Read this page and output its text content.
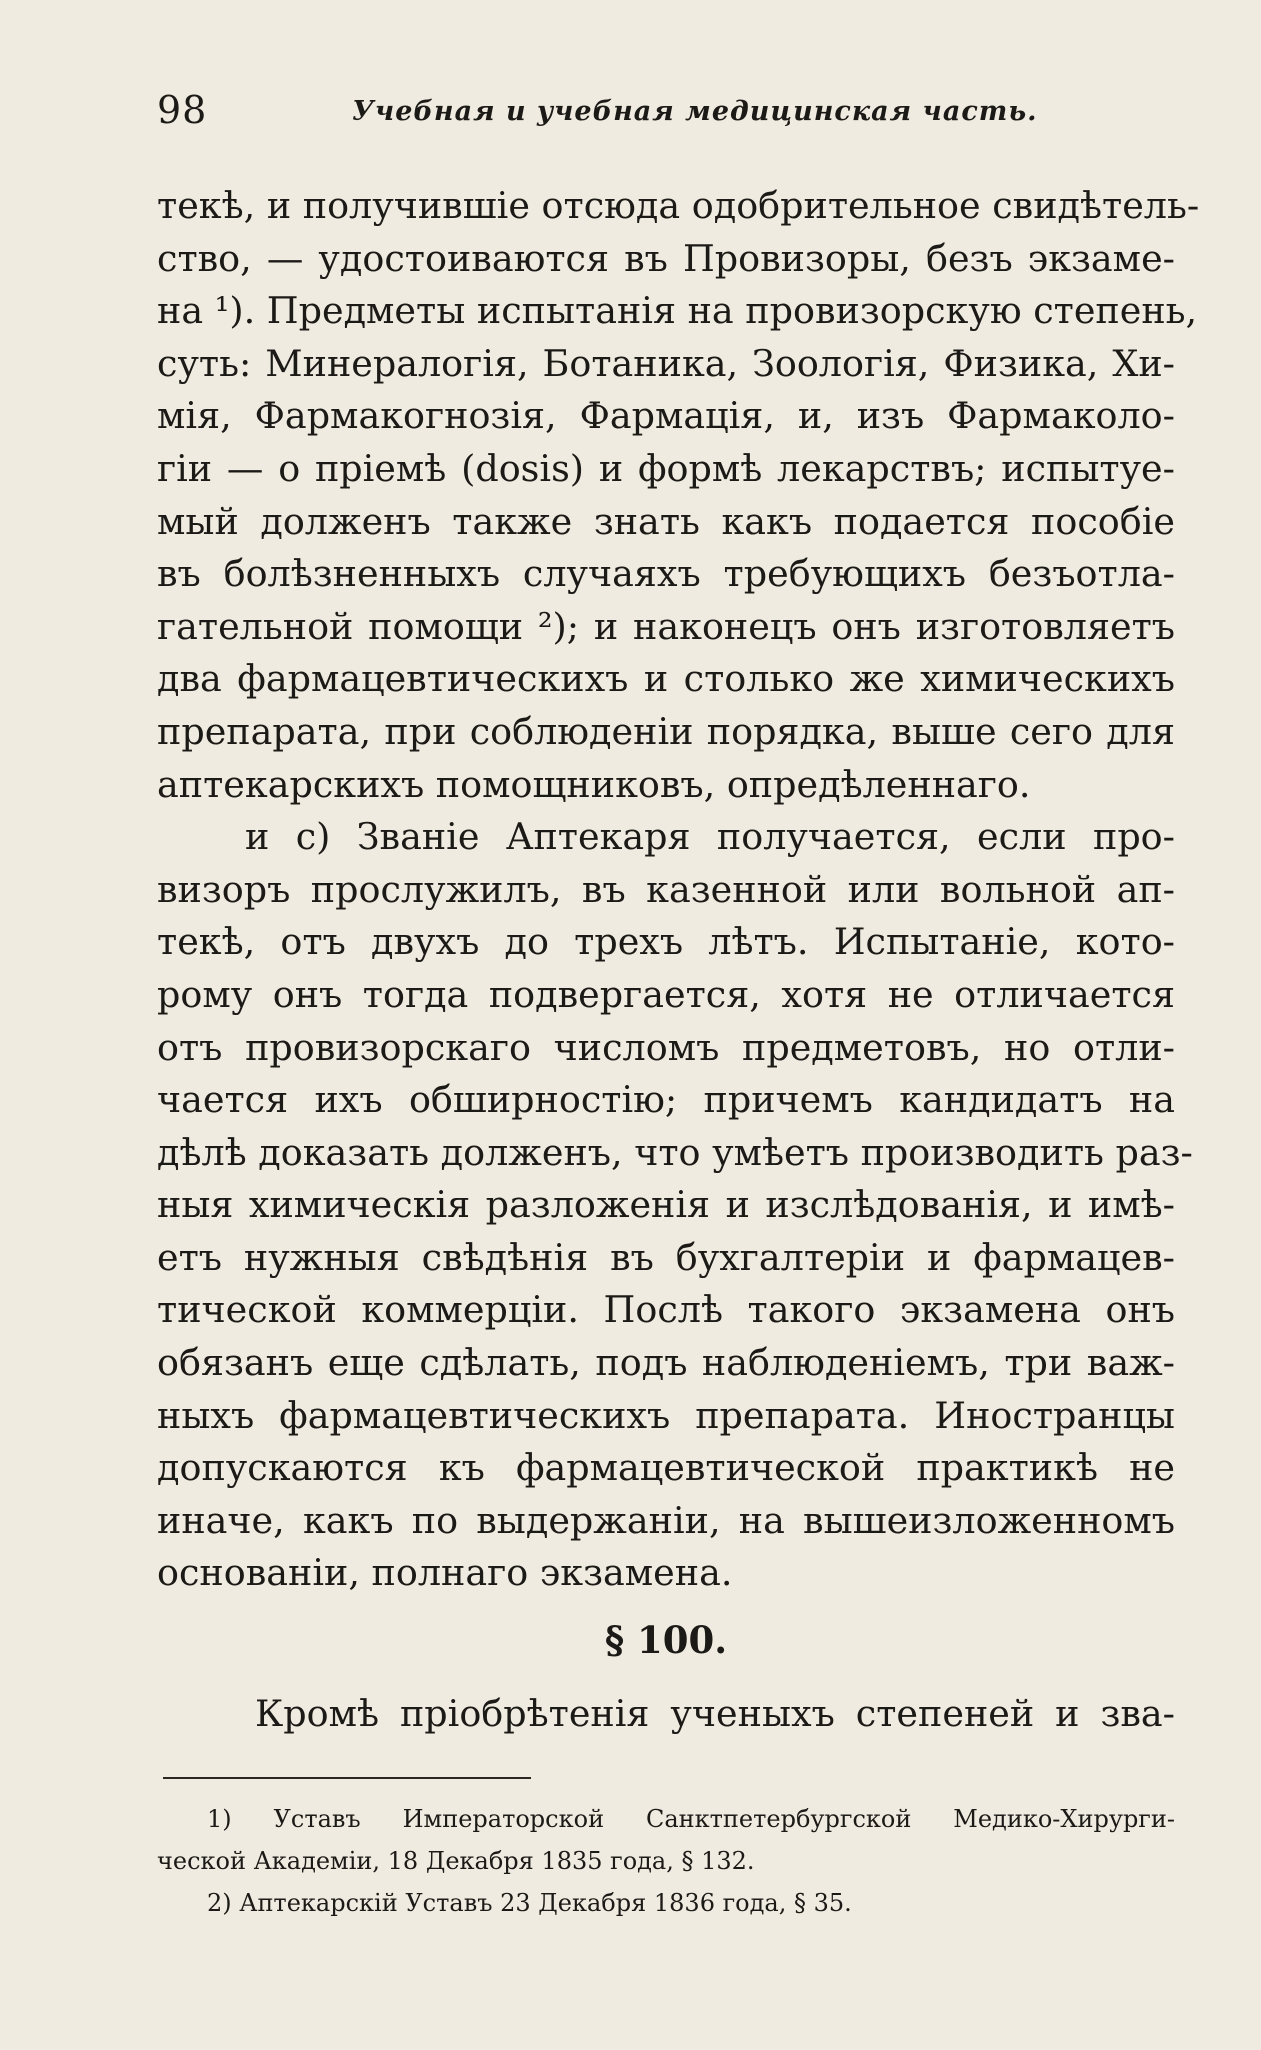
98	Учебная и учебная медицинская часть.
текѣ, и получившіе отсюда одобрительное свидѣтель-
ство, — удостоиваются въ Провизоры, безъ экзаме-
на ¹). Предметы испытанія на провизорскую степень,
суть: Минералогія, Ботаника, Зоологія, Физика, Хи-
мія, Фармакогнозія, Фармація, и, изъ Фармаколо-
гіи — о пріемѣ (dosis) и формѣ лекарствъ; испытуе-
мый долженъ также знать какъ подается пособіе
въ болѣзненныхъ случаяхъ требующихъ безъотла-
гательной помощи ²); и наконецъ онъ изготовляетъ
два фармацевтическихъ и столько же химическихъ
препарата, при соблюденіи порядка, выше сего для
аптекарскихъ помощниковъ, опредѣленнаго.
и с) Званіе Аптекаря получается, если про-
визоръ прослужилъ, въ казенной или вольной ап-
текѣ, отъ двухъ до трехъ лѣтъ. Испытаніе, кото-
рому онъ тогда подвергается, хотя не отличается
отъ провизорскаго числомъ предметовъ, но отли-
чается ихъ обширностію; причемъ кандидатъ на
дѣлѣ доказать долженъ, что умѣетъ производить раз-
ныя химическія разложенія и изслѣдованія, и имѣ-
етъ нужныя свѣдѣнія въ бухгалтеріи и фармацев-
тической коммерціи. Послѣ такого экзамена онъ
обязанъ еще сдѣлать, подъ наблюденіемъ, три важ-
ныхъ фармацевтическихъ препарата. Иностранцы
допускаются къ фармацевтической практикѣ не
иначе, какъ по выдержаніи, на вышеизложенномъ
основаніи, полнаго экзамена.
§ 100.
Кромѣ пріобрѣтенія ученыхъ степеней и зва-
1) Уставъ Императорской Санктпетербургской Медико-Хирурги-
ческой Академіи, 18 Декабря 1835 года, § 132.
2) Аптекарскій Уставъ 23 Декабря 1836 года, § 35.
